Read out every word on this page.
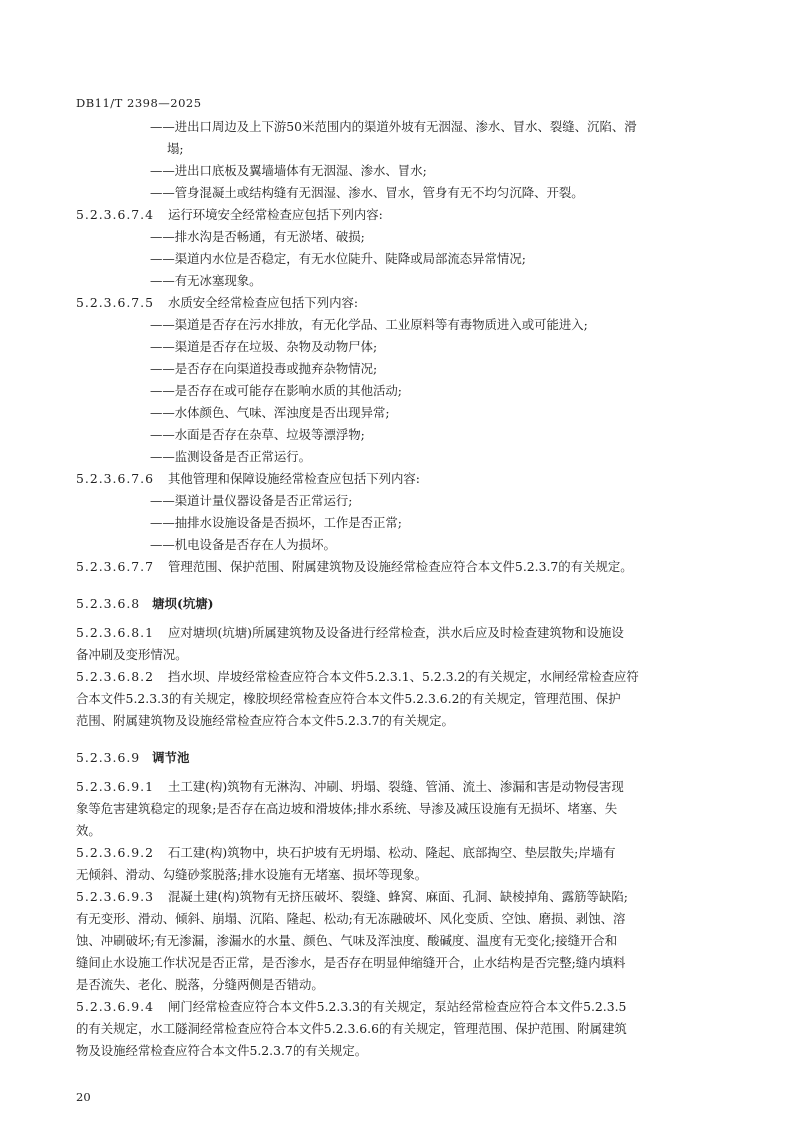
DB11/T 2398—2025
——进出口周边及上下游50米范围内的渠道外坡有无洇湿、渗水、冒水、裂缝、沉陷、滑
塌;
——进出口底板及翼墙墙体有无洇湿、渗水、冒水;
——管身混凝土或结构缝有无洇湿、渗水、冒水，管身有无不均匀沉降、开裂。
5.2.3.6.7.4 运行环境安全经常检查应包括下列内容:
——排水沟是否畅通，有无淤堵、破损;
——渠道内水位是否稳定，有无水位陡升、陡降或局部流态异常情况;
——有无冰塞现象。
5.2.3.6.7.5 水质安全经常检查应包括下列内容:
——渠道是否存在污水排放，有无化学品、工业原料等有毒物质进入或可能进入;
——渠道是否存在垃圾、杂物及动物尸体;
——是否存在向渠道投毒或抛弃杂物情况;
——是否存在或可能存在影响水质的其他活动;
——水体颜色、气味、浑浊度是否出现异常;
——水面是否存在杂草、垃圾等漂浮物;
——监测设备是否正常运行。
5.2.3.6.7.6 其他管理和保障设施经常检查应包括下列内容:
——渠道计量仪器设备是否正常运行;
——抽排水设施设备是否损坏，工作是否正常;
——机电设备是否存在人为损坏。
5.2.3.6.7.7 管理范围、保护范围、附属建筑物及设施经常检查应符合本文件5.2.3.7的有关规定。
5.2.3.6.8 塘坝(坑塘)
5.2.3.6.8.1 应对塘坝(坑塘)所属建筑物及设备进行经常检查，洪水后应及时检查建筑物和设施设
备冲刷及变形情况。
5.2.3.6.8.2 挡水坝、岸坡经常检查应符合本文件5.2.3.1、5.2.3.2的有关规定，水闸经常检查应符
合本文件5.2.3.3的有关规定，橡胶坝经常检查应符合本文件5.2.3.6.2的有关规定，管理范围、保护
范围、附属建筑物及设施经常检查应符合本文件5.2.3.7的有关规定。
5.2.3.6.9 调节池
5.2.3.6.9.1 土工建(构)筑物有无淋沟、冲刷、坍塌、裂缝、管涌、流土、渗漏和害是动物侵害现
象等危害建筑稳定的现象;是否存在高边坡和滑坡体;排水系统、导渗及减压设施有无损坏、堵塞、失
效。
5.2.3.6.9.2 石工建(构)筑物中，块石护坡有无坍塌、松动、隆起、底部掏空、垫层散失;岸墙有
无倾斜、滑动、勾缝砂浆脱落;排水设施有无堵塞、损坏等现象。
5.2.3.6.9.3 混凝土建(构)筑物有无挤压破坏、裂缝、蜂窝、麻面、孔洞、缺棱掉角、露筋等缺陷;
有无变形、滑动、倾斜、崩塌、沉陷、隆起、松动;有无冻融破坏、风化变质、空蚀、磨损、剥蚀、溶
蚀、冲刷破坏;有无渗漏，渗漏水的水量、颜色、气味及浑浊度、酸碱度、温度有无变化;接缝开合和
缝间止水设施工作状况是否正常，是否渗水，是否存在明显伸缩缝开合，止水结构是否完整;缝内填料
是否流失、老化、脱落，分缝两侧是否错动。
5.2.3.6.9.4 闸门经常检查应符合本文件5.2.3.3的有关规定，泵站经常检查应符合本文件5.2.3.5
的有关规定，水工隧洞经常检查应符合本文件5.2.3.6.6的有关规定，管理范围、保护范围、附属建筑
物及设施经常检查应符合本文件5.2.3.7的有关规定。
20
